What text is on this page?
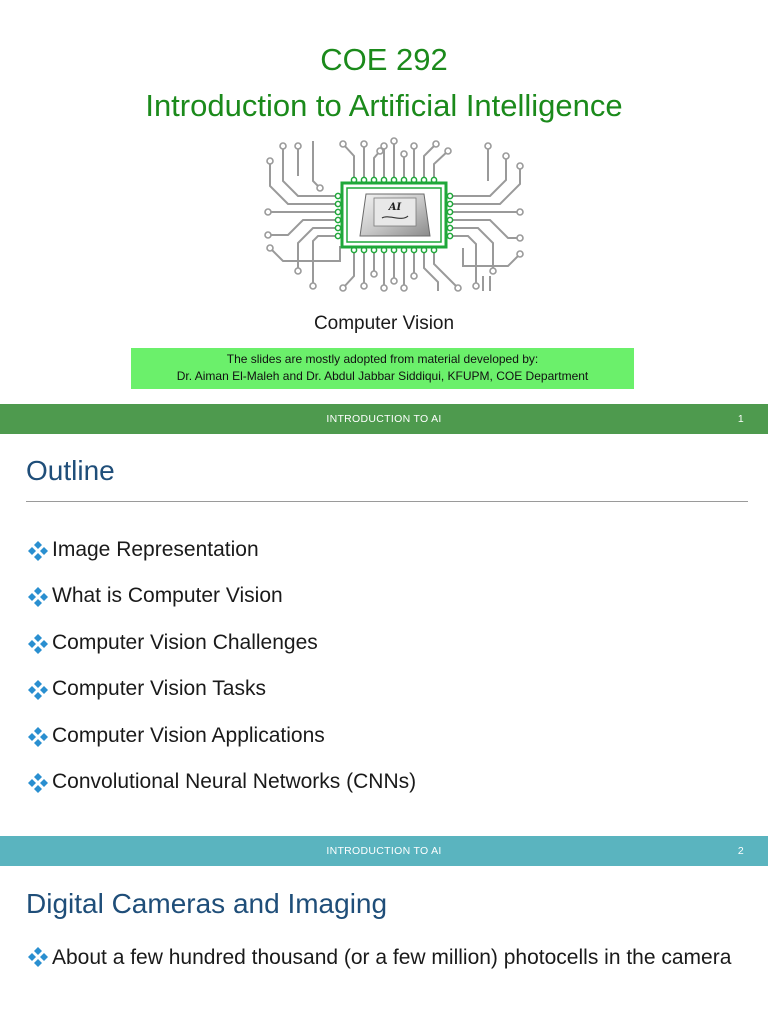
COE 292
Introduction to Artificial Intelligence
AI
Computer Vision
The slides are mostly adopted from material developed by:
Dr. Aiman El-Maleh and Dr. Abdul Jabbar Siddiqui, KFUPM, COE Department
INTRODUCTION TO AI	1
Outline
Image Representation
What is Computer Vision
Computer Vision Challenges
Computer Vision Tasks
Computer Vision Applications
Convolutional Neural Networks (CNNs)
INTRODUCTION TO AI	2
Digital Cameras and Imaging
About a few hundred thousand (or a few million) photocells in the camera
